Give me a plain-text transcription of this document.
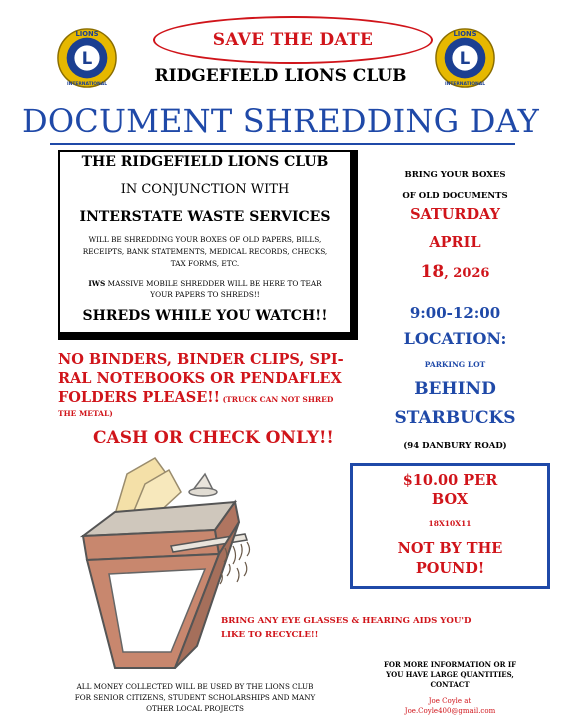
L
LIONS
INTERNATIONAL
L
LIONS
INTERNATIONAL
SAVE THE DATE
RIDGEFIELD LIONS CLUB
DOCUMENT SHREDDING DAY
THE RIDGEFIELD LIONS CLUB
IN CONJUNCTION WITH
INTERSTATE WASTE SERVICES
WILL BE SHREDDING YOUR BOXES OF OLD PAPERS, BILLS,
RECEIPTS, BANK STATEMENTS, MEDICAL RECORDS, CHECKS,
TAX FORMS, ETC.
IWS MASSIVE MOBILE SHREDDER WILL BE HERE TO TEAR
YOUR PAPERS TO SHREDS!!
SHREDS WHILE YOU WATCH!!
NO BINDERS, BINDER CLIPS, SPI-
RAL NOTEBOOKS OR PENDAFLEX
FOLDERS PLEASE!! (TRUCK CAN NOT SHRED
THE METAL)
CASH OR CHECK ONLY!!
BRING YOUR BOXES
OF OLD DOCUMENTS
SATURDAY
APRIL
18, 2026
9:00-12:00
LOCATION:
PARKING LOT
BEHIND
STARBUCKS
(94 DANBURY ROAD)
$10.00 PER
BOX
18X10X11
NOT BY THE
POUND!
BRING ANY EYE GLASSES & HEARING AIDS YOU'D
LIKE TO RECYCLE!!
ALL MONEY COLLECTED WILL BE USED BY THE LIONS CLUB
FOR SENIOR CITIZENS, STUDENT SCHOLARSHIPS AND MANY
OTHER LOCAL PROJECTS
FOR MORE INFORMATION OR IF
YOU HAVE LARGE QUANTITIES,
CONTACT
Joe Coyle at
Joe.Coyle400@gmail.com
